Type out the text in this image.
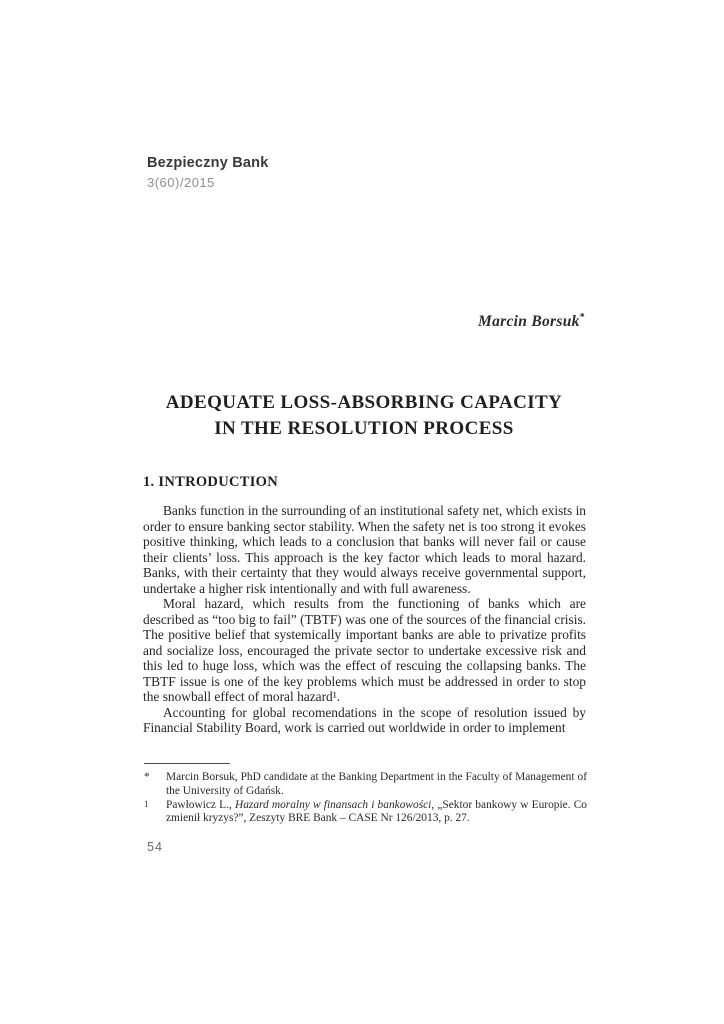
Bezpieczny Bank
3(60)/2015
Marcin Borsuk*
ADEQUATE LOSS-ABSORBING CAPACITY
IN THE RESOLUTION PROCESS
1. INTRODUCTION

Banks function in the surrounding of an institutional safety net, which exists in order to ensure banking sector stability. When the safety net is too strong it evokes positive thinking, which leads to a conclusion that banks will never fail or cause their clients’ loss. This approach is the key factor which leads to moral hazard. Banks, with their certainty that they would always receive governmental support, undertake a higher risk intentionally and with full awareness.

Moral hazard, which results from the functioning of banks which are described as “too big to fail” (TBTF) was one of the sources of the financial crisis. The positive belief that systemically important banks are able to privatize profits and socialize loss, encouraged the private sector to undertake excessive risk and this led to huge loss, which was the effect of rescuing the collapsing banks. The TBTF issue is one of the key problems which must be addressed in order to stop the snowball effect of moral hazard¹.

Accounting for global recomendations in the scope of resolution issued by Financial Stability Board, work is carried out worldwide in order to implement

*	Marcin Borsuk, PhD candidate at the Banking Department in the Faculty of Management of the University of Gdańsk.
1	Pawłowicz L., Hazard moralny w finansach i bankowości, „Sektor bankowy w Europie. Co zmienił kryzys?”, Zeszyty BRE Bank – CASE Nr 126/2013, p. 27.
54
